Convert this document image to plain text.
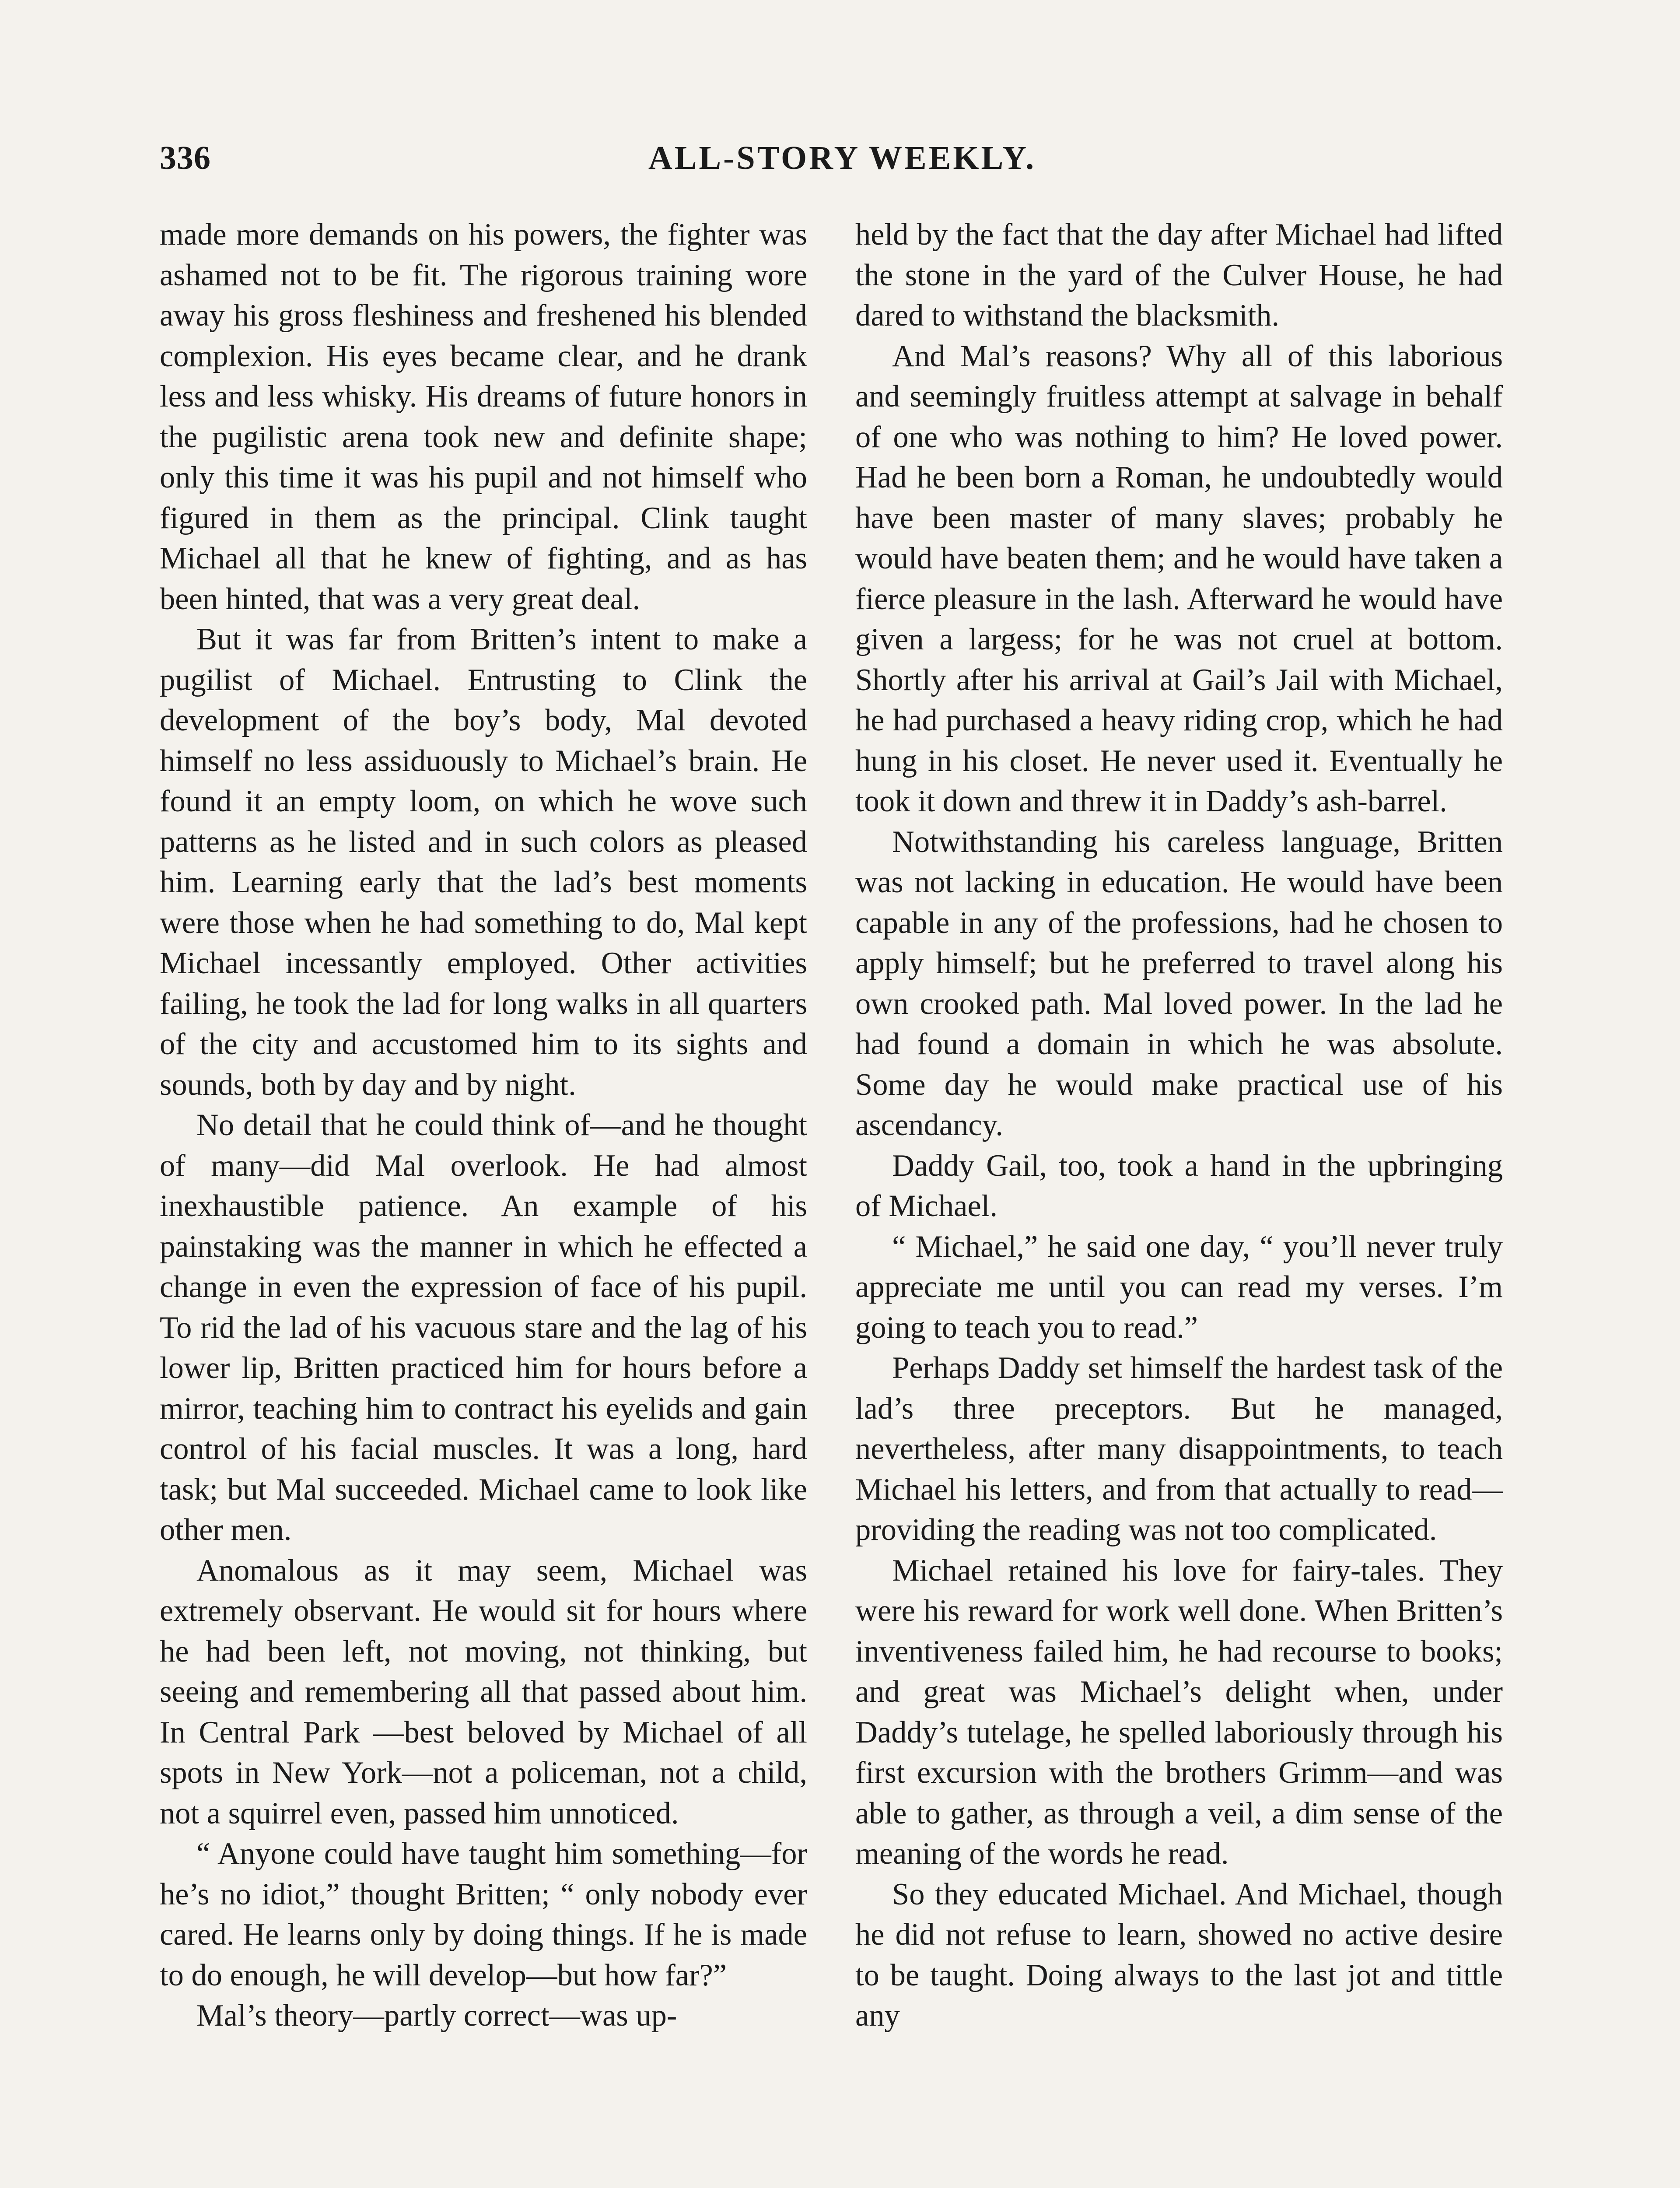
336	ALL-STORY WEEKLY.

made more demands on his powers, the fighter was ashamed not to be fit. The rigorous training wore away his gross fleshiness and freshened his blended complexion. His eyes became clear, and he drank less and less whisky. His dreams of future honors in the pugilistic arena took new and definite shape; only this time it was his pupil and not himself who figured in them as the principal. Clink taught Michael all that he knew of fighting, and as has been hinted, that was a very great deal.

But it was far from Britten’s intent to make a pugilist of Michael. Entrusting to Clink the development of the boy’s body, Mal devoted himself no less assiduously to Michael’s brain. He found it an empty loom, on which he wove such patterns as he listed and in such colors as pleased him. Learning early that the lad’s best moments were those when he had something to do, Mal kept Michael incessantly employed. Other activities failing, he took the lad for long walks in all quarters of the city and accustomed him to its sights and sounds, both by day and by night.

No detail that he could think of—and he thought of many—did Mal overlook. He had almost inexhaustible patience. An example of his painstaking was the manner in which he effected a change in even the expression of face of his pupil. To rid the lad of his vacuous stare and the lag of his lower lip, Britten practiced him for hours before a mirror, teaching him to contract his eyelids and gain control of his facial muscles. It was a long, hard task; but Mal succeeded. Michael came to look like other men.

Anomalous as it may seem, Michael was extremely observant. He would sit for hours where he had been left, not moving, not thinking, but seeing and remembering all that passed about him. In Central Park —best beloved by Michael of all spots in New York—not a policeman, not a child, not a squirrel even, passed him unnoticed.

“ Anyone could have taught him something—for he’s no idiot,” thought Britten; “ only nobody ever cared. He learns only by doing things. If he is made to do enough, he will develop—but how far?”

Mal’s theory—partly correct—was up-

held by the fact that the day after Michael had lifted the stone in the yard of the Culver House, he had dared to withstand the blacksmith.

And Mal’s reasons? Why all of this laborious and seemingly fruitless attempt at salvage in behalf of one who was nothing to him? He loved power. Had he been born a Roman, he undoubtedly would have been master of many slaves; probably he would have beaten them; and he would have taken a fierce pleasure in the lash. Afterward he would have given a largess; for he was not cruel at bottom. Shortly after his arrival at Gail’s Jail with Michael, he had purchased a heavy riding crop, which he had hung in his closet. He never used it. Eventually he took it down and threw it in Daddy’s ash-barrel.

Notwithstanding his careless language, Britten was not lacking in education. He would have been capable in any of the professions, had he chosen to apply himself; but he preferred to travel along his own crooked path. Mal loved power. In the lad he had found a domain in which he was absolute. Some day he would make practical use of his ascendancy.

Daddy Gail, too, took a hand in the upbringing of Michael.

“ Michael,” he said one day, “ you’ll never truly appreciate me until you can read my verses. I’m going to teach you to read.”

Perhaps Daddy set himself the hardest task of the lad’s three preceptors. But he managed, nevertheless, after many disappointments, to teach Michael his letters, and from that actually to read—providing the reading was not too complicated.

Michael retained his love for fairy-tales. They were his reward for work well done. When Britten’s inventiveness failed him, he had recourse to books; and great was Michael’s delight when, under Daddy’s tutelage, he spelled laboriously through his first excursion with the brothers Grimm—and was able to gather, as through a veil, a dim sense of the meaning of the words he read.

So they educated Michael. And Michael, though he did not refuse to learn, showed no active desire to be taught. Doing always to the last jot and tittle any
